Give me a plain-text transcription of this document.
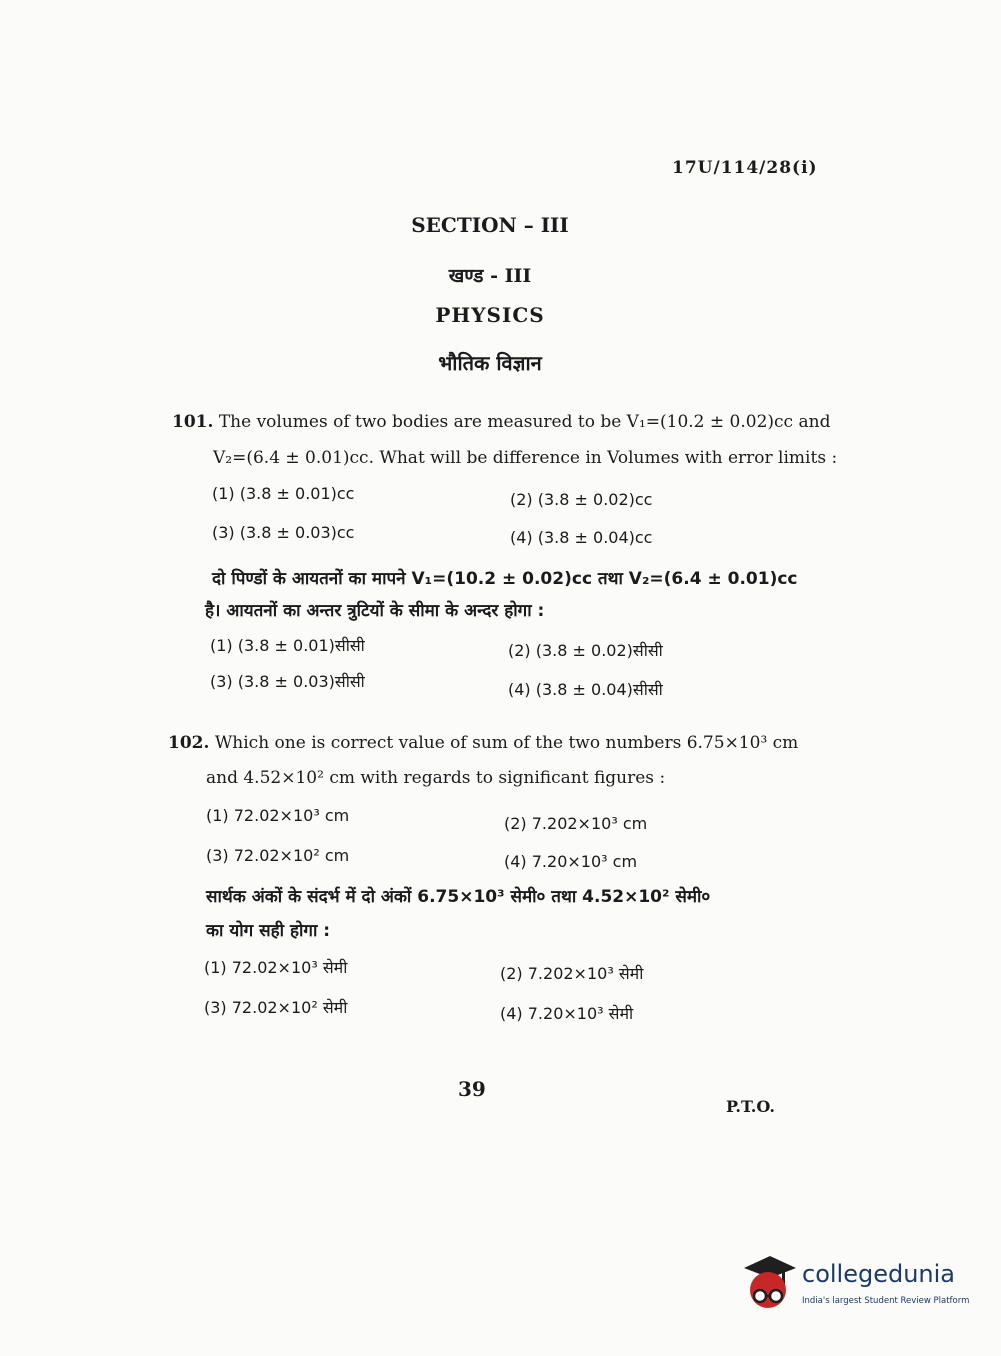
17U/114/28(i)
SECTION – III
खण्ड - III
PHYSICS
भौतिक विज्ञान
101. The volumes of two bodies are measured to be V₁=(10.2 ± 0.02)cc and
V₂=(6.4 ± 0.01)cc. What will be difference in Volumes with error limits :
(1) (3.8 ± 0.01)cc	(2) (3.8 ± 0.02)cc
(3) (3.8 ± 0.03)cc	(4) (3.8 ± 0.04)cc
दो पिण्डों के आयतनों का मापने V₁=(10.2 ± 0.02)cc तथा V₂=(6.4 ± 0.01)cc
है। आयतनों का अन्तर त्रुटियों के सीमा के अन्दर होगा :
(1) (3.8 ± 0.01)सीसी	(2) (3.8 ± 0.02)सीसी
(3) (3.8 ± 0.03)सीसी	(4) (3.8 ± 0.04)सीसी
102. Which one is correct value of sum of the two numbers 6.75×10³ cm
and 4.52×10² cm with regards to significant figures :
(1) 72.02×10³ cm	(2) 7.202×10³ cm
(3) 72.02×10² cm	(4) 7.20×10³ cm
सार्थक अंकों के संदर्भ में दो अंकों 6.75×10³ सेमी० तथा 4.52×10² सेमी०
का योग सही होगा :
(1) 72.02×10³ सेमी	(2) 7.202×10³ सेमी
(3) 72.02×10² सेमी	(4) 7.20×10³ सेमी
39
P.T.O.
collegedunia
India's largest Student Review Platform
